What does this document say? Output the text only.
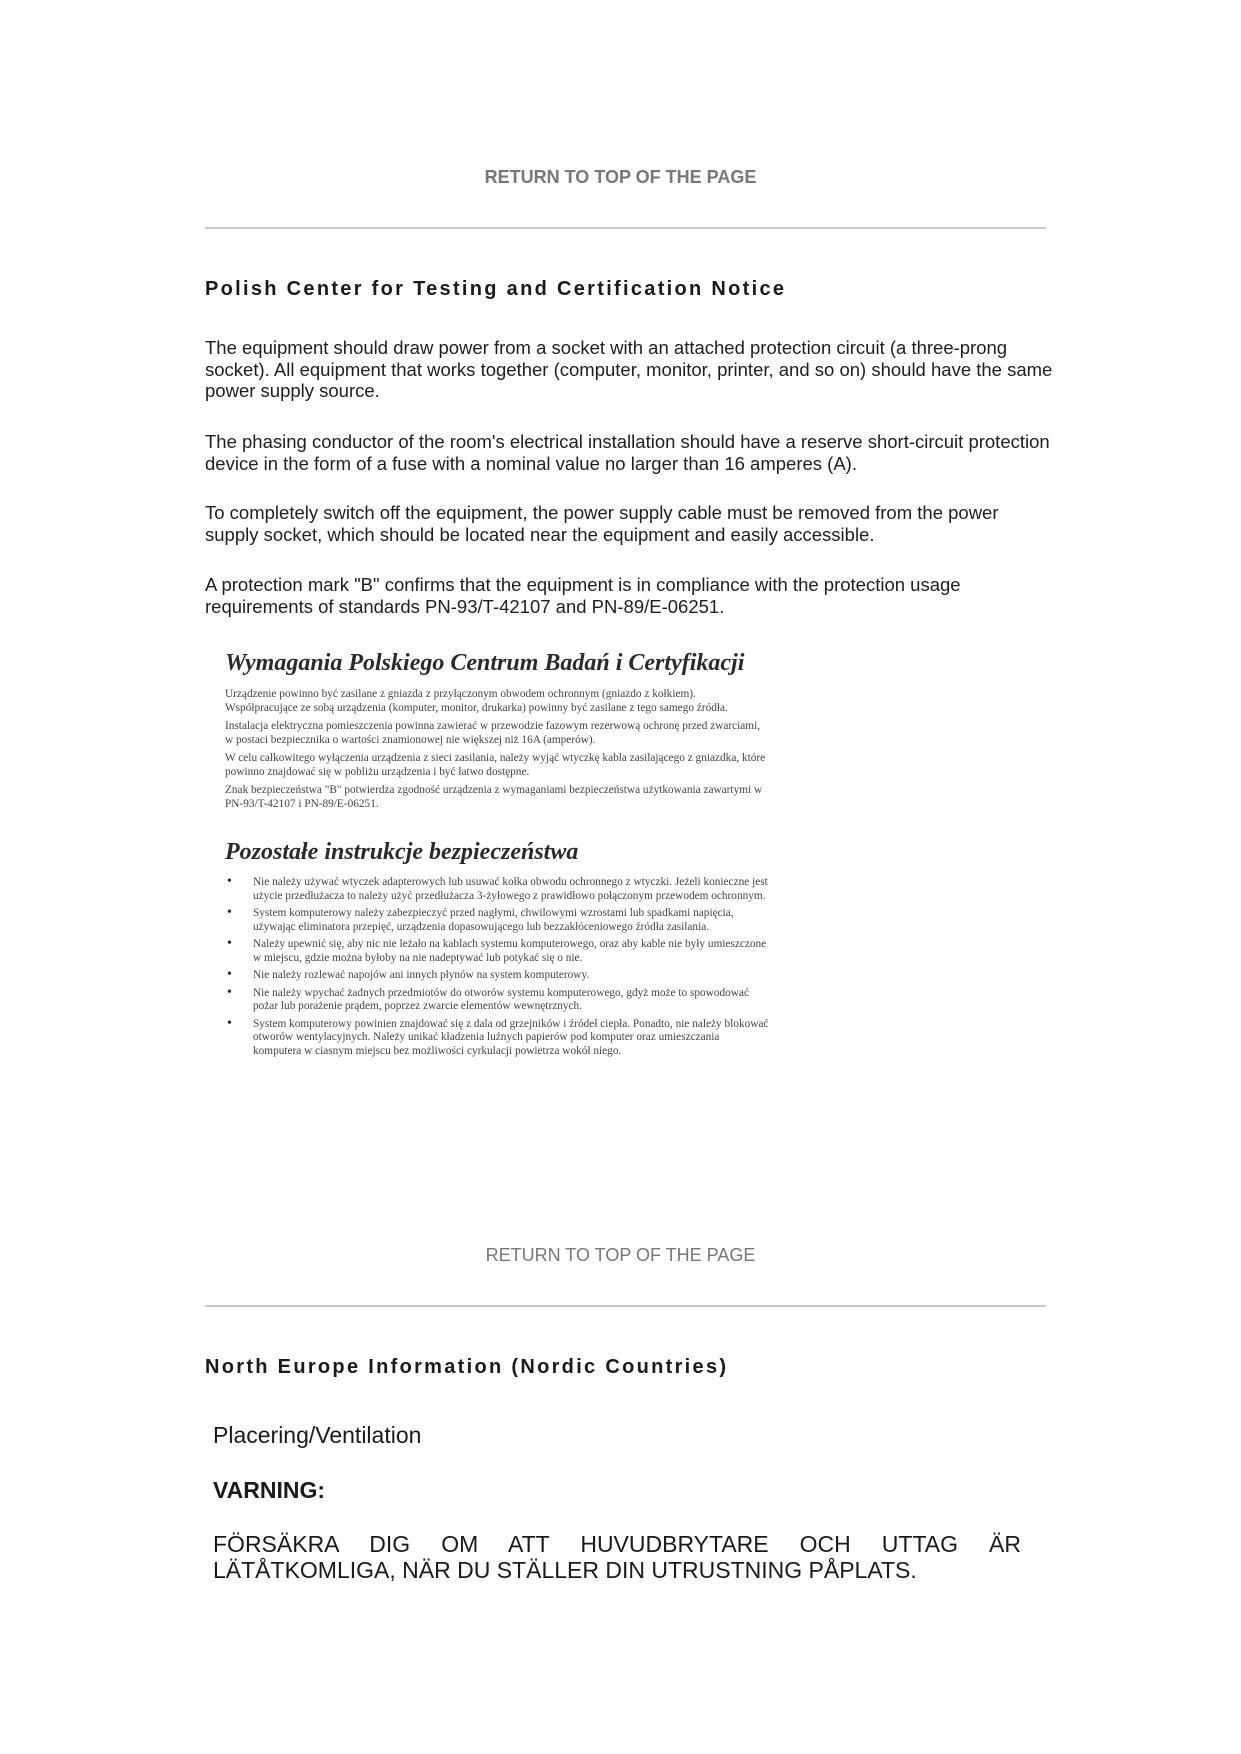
RETURN TO TOP OF THE PAGE
Polish Center for Testing and Certification Notice

The equipment should draw power from a socket with an attached protection circuit (a three-prong socket). All equipment that works together (computer, monitor, printer, and so on) should have the same power supply source.

The phasing conductor of the room's electrical installation should have a reserve short-circuit protection device in the form of a fuse with a nominal value no larger than 16 amperes (A).

To completely switch off the equipment, the power supply cable must be removed from the power supply socket, which should be located near the equipment and easily accessible.

A protection mark "B" confirms that the equipment is in compliance with the protection usage requirements of standards PN-93/T-42107 and PN-89/E-06251.

Wymagania Polskiego Centrum Badań i Certyfikacji

Urządzenie powinno być zasilane z gniazda z przyłączonym obwodem ochronnym (gniazdo z kołkiem). Współpracujące ze sobą urządzenia (komputer, monitor, drukarka) powinny być zasilane z tego samego źródła.

Instalacja elektryczna pomieszczenia powinna zawierać w przewodzie fazowym rezerwową ochronę przed zwarciami, w postaci bezpiecznika o wartości znamionowej nie większej niż 16A (amperów).

W celu całkowitego wyłączenia urządzenia z sieci zasilania, należy wyjąć wtyczkę kabla zasilającego z gniazdka, które powinno znajdować się w pobliżu urządzenia i być łatwo dostępne.

Znak bezpieczeństwa "B" potwierdza zgodność urządzenia z wymaganiami bezpieczeństwa użytkowania zawartymi w PN-93/T-42107 i PN-89/E-06251.

Pozostałe instrukcje bezpieczeństwa
• Nie należy używać wtyczek adapterowych lub usuwać kołka obwodu ochronnego z wtyczki. Jeżeli konieczne jest użycie przedłużacza to należy użyć przedłużacza 3-żyłowego z prawidłowo połączonym przewodem ochronnym.
• System komputerowy należy zabezpieczyć przed nagłymi, chwilowymi wzrostami lub spadkami napięcia, używając eliminatora przepięć, urządzenia dopasowującego lub bezzakłóceniowego źródła zasilania.
• Należy upewnić się, aby nic nie leżało na kablach systemu komputerowego, oraz aby kable nie były umieszczone w miejscu, gdzie można byłoby na nie nadeptywać lub potykać się o nie.
• Nie należy rozlewać napojów ani innych płynów na system komputerowy.
• Nie należy wpychać żadnych przedmiotów do otworów systemu komputerowego, gdyż może to spowodować pożar lub porażenie prądem, poprzez zwarcie elementów wewnętrznych.
• System komputerowy powinien znajdować się z dala od grzejników i źródeł ciepła. Ponadto, nie należy blokować otworów wentylacyjnych. Należy unikać kładzenia luźnych papierów pod komputer oraz umieszczania komputera w ciasnym miejscu bez możliwości cyrkulacji powietrza wokół niego.
RETURN TO TOP OF THE PAGE
North Europe Information (Nordic Countries)

Placering/Ventilation

VARNING:

FÖRSÄKRA DIG OM ATT HUVUDBRYTARE OCH UTTAG ÄR LÄTÅTKOMLIGA, NÄR DU STÄLLER DIN UTRUSTNING PÅPLATS.
